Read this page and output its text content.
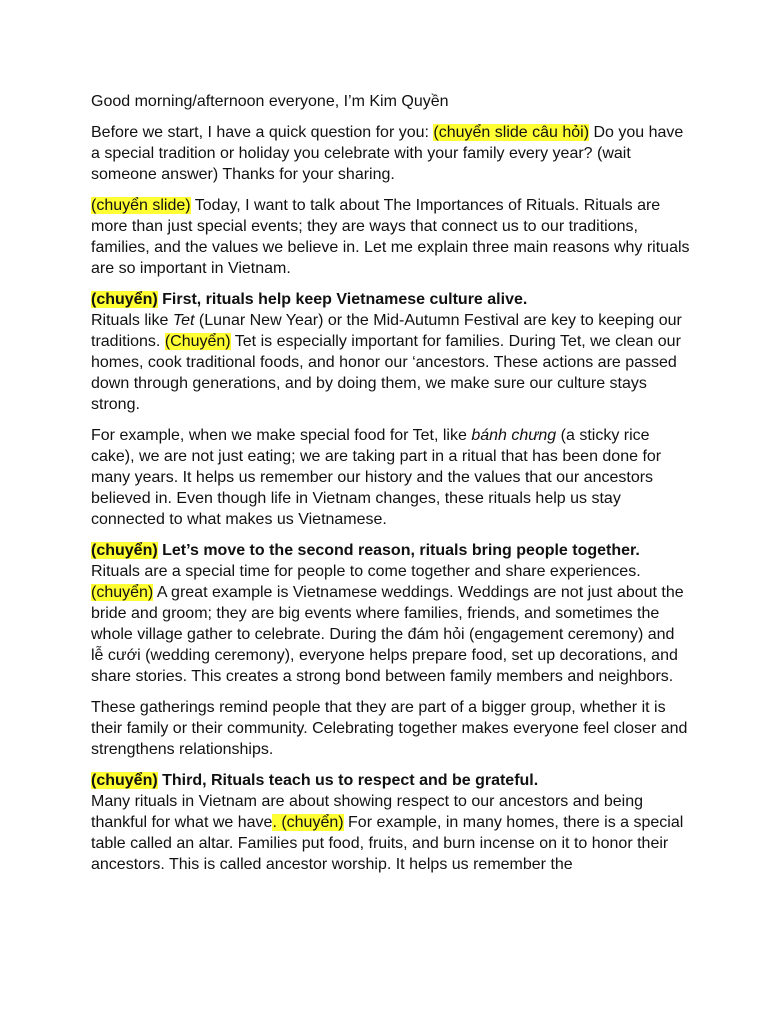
Good morning/afternoon everyone, I’m Kim Quyền

Before we start, I have a quick question for you: (chuyển slide câu hỏi) Do you have a special tradition or holiday you celebrate with your family every year? (wait someone answer) Thanks for your sharing.

(chuyển slide) Today, I want to talk about The Importances of Rituals. Rituals are more than just special events; they are ways that connect us to our traditions, families, and the values we believe in. Let me explain three main reasons why rituals are so important in Vietnam.

(chuyển) First, rituals help keep Vietnamese culture alive.

Rituals like Tet (Lunar New Year) or the Mid-Autumn Festival are key to keeping our traditions. (Chuyển) Tet is especially important for families. During Tet, we clean our homes, cook traditional foods, and honor our ‘ancestors. These actions are passed down through generations, and by doing them, we make sure our culture stays strong.

For example, when we make special food for Tet, like bánh chưng (a sticky rice cake), we are not just eating; we are taking part in a ritual that has been done for many years. It helps us remember our history and the values that our ancestors believed in. Even though life in Vietnam changes, these rituals help us stay connected to what makes us Vietnamese.

(chuyển) Let’s move to the second reason, rituals bring people together.

Rituals are a special time for people to come together and share experiences. (chuyển) A great example is Vietnamese weddings. Weddings are not just about the bride and groom; they are big events where families, friends, and sometimes the whole village gather to celebrate. During the đám hỏi (engagement ceremony) and lễ cưới (wedding ceremony), everyone helps prepare food, set up decorations, and share stories. This creates a strong bond between family members and neighbors.

These gatherings remind people that they are part of a bigger group, whether it is their family or their community. Celebrating together makes everyone feel closer and strengthens relationships.

(chuyển) Third, Rituals teach us to respect and be grateful.

Many rituals in Vietnam are about showing respect to our ancestors and being thankful for what we have. (chuyển) For example, in many homes, there is a special table called an altar. Families put food, fruits, and burn incense on it to honor their ancestors. This is called ancestor worship. It helps us remember the
